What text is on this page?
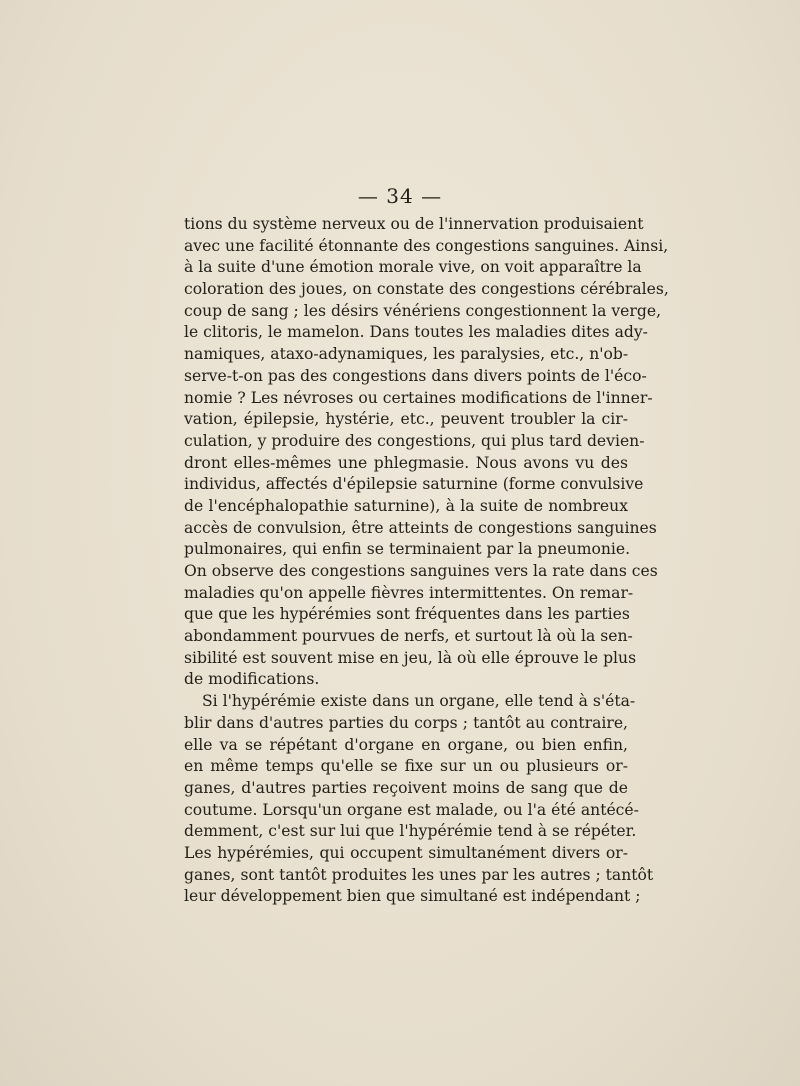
— 34 —
tions du système nerveux ou de l'innervation produisaient
avec une facilité étonnante des congestions sanguines. Ainsi,
à la suite d'une émotion morale vive, on voit apparaître la
coloration des joues, on constate des congestions cérébrales,
coup de sang ; les désirs vénériens congestionnent la verge,
le clitoris, le mamelon. Dans toutes les maladies dites ady-
namiques, ataxo-adynamiques, les paralysies, etc., n'ob-
serve-t-on pas des congestions dans divers points de l'éco-
nomie ? Les névroses ou certaines modifications de l'inner-
vation, épilepsie, hystérie, etc., peuvent troubler la cir-
culation, y produire des congestions, qui plus tard devien-
dront elles-mêmes une phlegmasie. Nous avons vu des
individus, affectés d'épilepsie saturnine (forme convulsive
de l'encéphalopathie saturnine), à la suite de nombreux
accès de convulsion, être atteints de congestions sanguines
pulmonaires, qui enfin se terminaient par la pneumonie.
On observe des congestions sanguines vers la rate dans ces
maladies qu'on appelle fièvres intermittentes. On remar-
que que les hypérémies sont fréquentes dans les parties
abondamment pourvues de nerfs, et surtout là où la sen-
sibilité est souvent mise en jeu, là où elle éprouve le plus
de modifications.
Si l'hypérémie existe dans un organe, elle tend à s'éta-
blir dans d'autres parties du corps ; tantôt au contraire,
elle va se répétant d'organe en organe, ou bien enfin,
en même temps qu'elle se fixe sur un ou plusieurs or-
ganes, d'autres parties reçoivent moins de sang que de
coutume. Lorsqu'un organe est malade, ou l'a été antécé-
demment, c'est sur lui que l'hypérémie tend à se répéter.
Les hypérémies, qui occupent simultanément divers or-
ganes, sont tantôt produites les unes par les autres ; tantôt
leur développement bien que simultané est indépendant ;
